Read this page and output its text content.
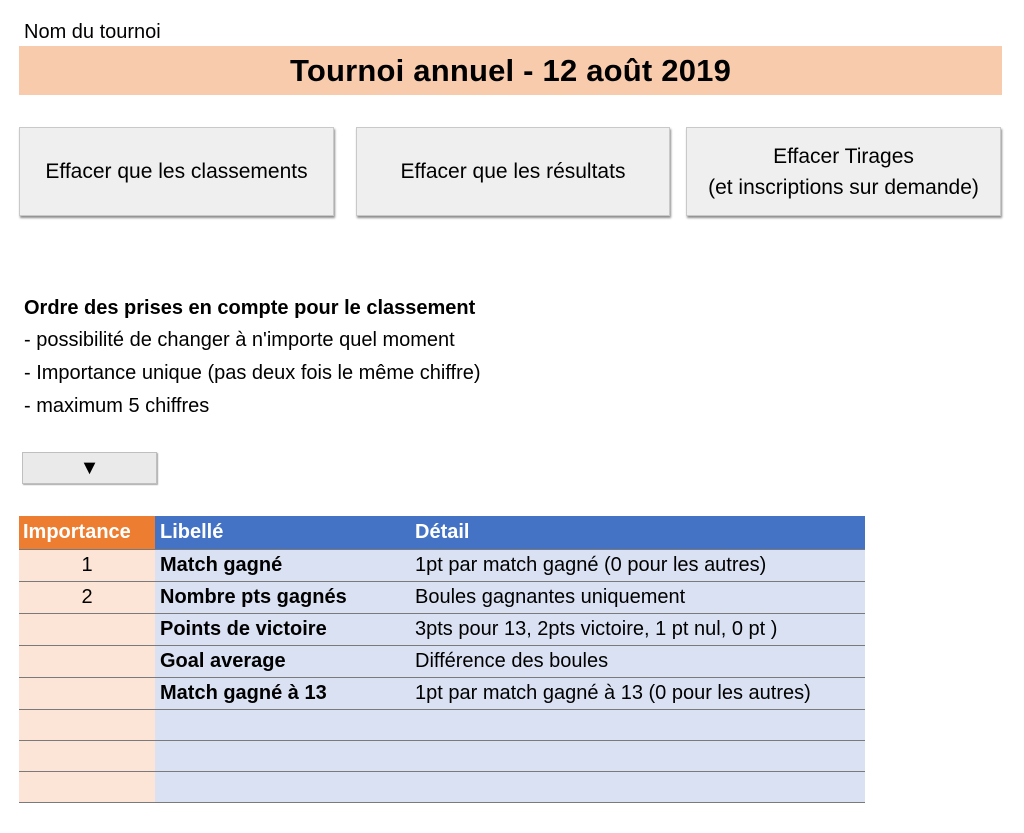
Nom du tournoi
Tournoi annuel - 12 août 2019
Effacer que les classements	Effacer que les résultats
Effacer Tirages
(et inscriptions sur demande)
Ordre des prises en compte pour le classement
- possibilité de changer à n'importe quel moment
- Importance unique (pas deux fois le même chiffre)
- maximum 5 chiffres
▼
Importance	Libellé	Détail
1	Match gagné	1pt par match gagné (0 pour les autres)
2	Nombre pts gagnés	Boules gagnantes uniquement
	Points de victoire	3pts pour 13, 2pts victoire, 1 pt nul, 0 pt )
	Goal average	Différence des boules
	Match gagné à 13	1pt par match gagné à 13 (0 pour les autres)
